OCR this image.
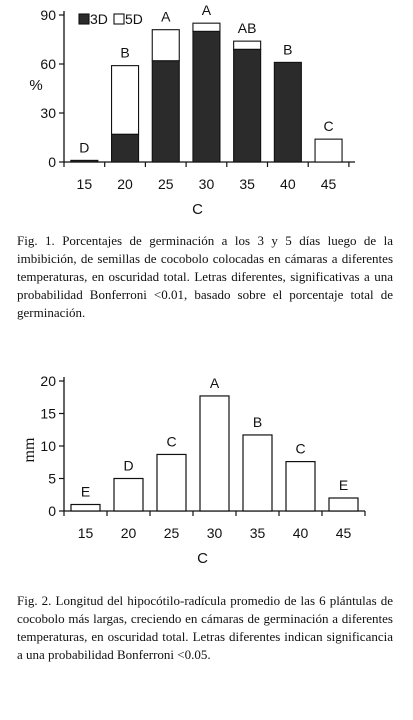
0
30
60
90
15 20 25 30 35 40 45
C
%
3D 5D
D
B
A A
AB
B
C
0
5
10
15
20
15 20 25 30 35 40 45
C
mm
E
D
C
A
B
C
E
Fig. 1. Porcentajes de germinación a los 3 y 5 días luego de la imbibición, de semillas de cocobolo colocadas en cámaras a diferentes temperaturas, en oscuridad total. Letras diferentes, significativas a una probabilidad Bonferroni <0.01, basado sobre el porcentaje total de germinación.
Fig. 2. Longitud del hipocótilo-radícula promedio de las 6 plántulas de cocobolo más largas, creciendo en cámaras de germinación a diferentes temperaturas, en oscuridad total. Letras diferentes indican significancia a una probabilidad Bonferroni <0.05.
